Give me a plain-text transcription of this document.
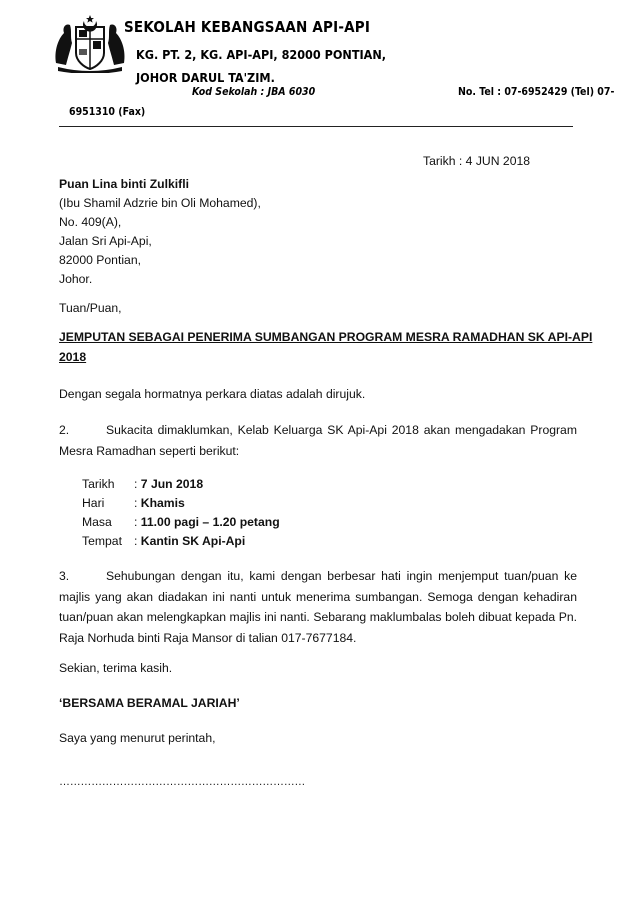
SEKOLAH KEBANGSAAN API-API
KG. PT. 2, KG. API-API, 82000 PONTIAN,
JOHOR DARUL TA'ZIM.
Kod Sekolah : JBA 6030	No. Tel : 07-6952429 (Tel) 07-
6951310 (Fax)
Tarikh : 4 JUN 2018
Puan Lina binti Zulkifli
(Ibu Shamil Adzrie bin Oli Mohamed),
No. 409(A),
Jalan Sri Api-Api,
82000 Pontian,
Johor.
Tuan/Puan,
JEMPUTAN SEBAGAI PENERIMA SUMBANGAN PROGRAM MESRA RAMADHAN SK API-API
2018
Dengan segala hormatnya perkara diatas adalah dirujuk.
2.	Sukacita dimaklumkan, Kelab Keluarga SK Api-Api 2018 akan mengadakan Program Mesra Ramadhan seperti berikut:
Tarikh : 7 Jun 2018
Hari : Khamis
Masa : 11.00 pagi – 1.20 petang
Tempat : Kantin SK Api-Api
3.	Sehubungan dengan itu, kami dengan berbesar hati ingin menjemput tuan/puan ke majlis yang akan diadakan ini nanti untuk menerima sumbangan. Semoga dengan kehadiran tuan/puan akan melengkapkan majlis ini nanti. Sebarang maklumbalas boleh dibuat kepada Pn. Raja Norhuda binti Raja Mansor di talian 017-7677184.
Sekian, terima kasih.
‘BERSAMA BERAMAL JARIAH’
Saya yang menurut perintah,
……………………………………………………………
